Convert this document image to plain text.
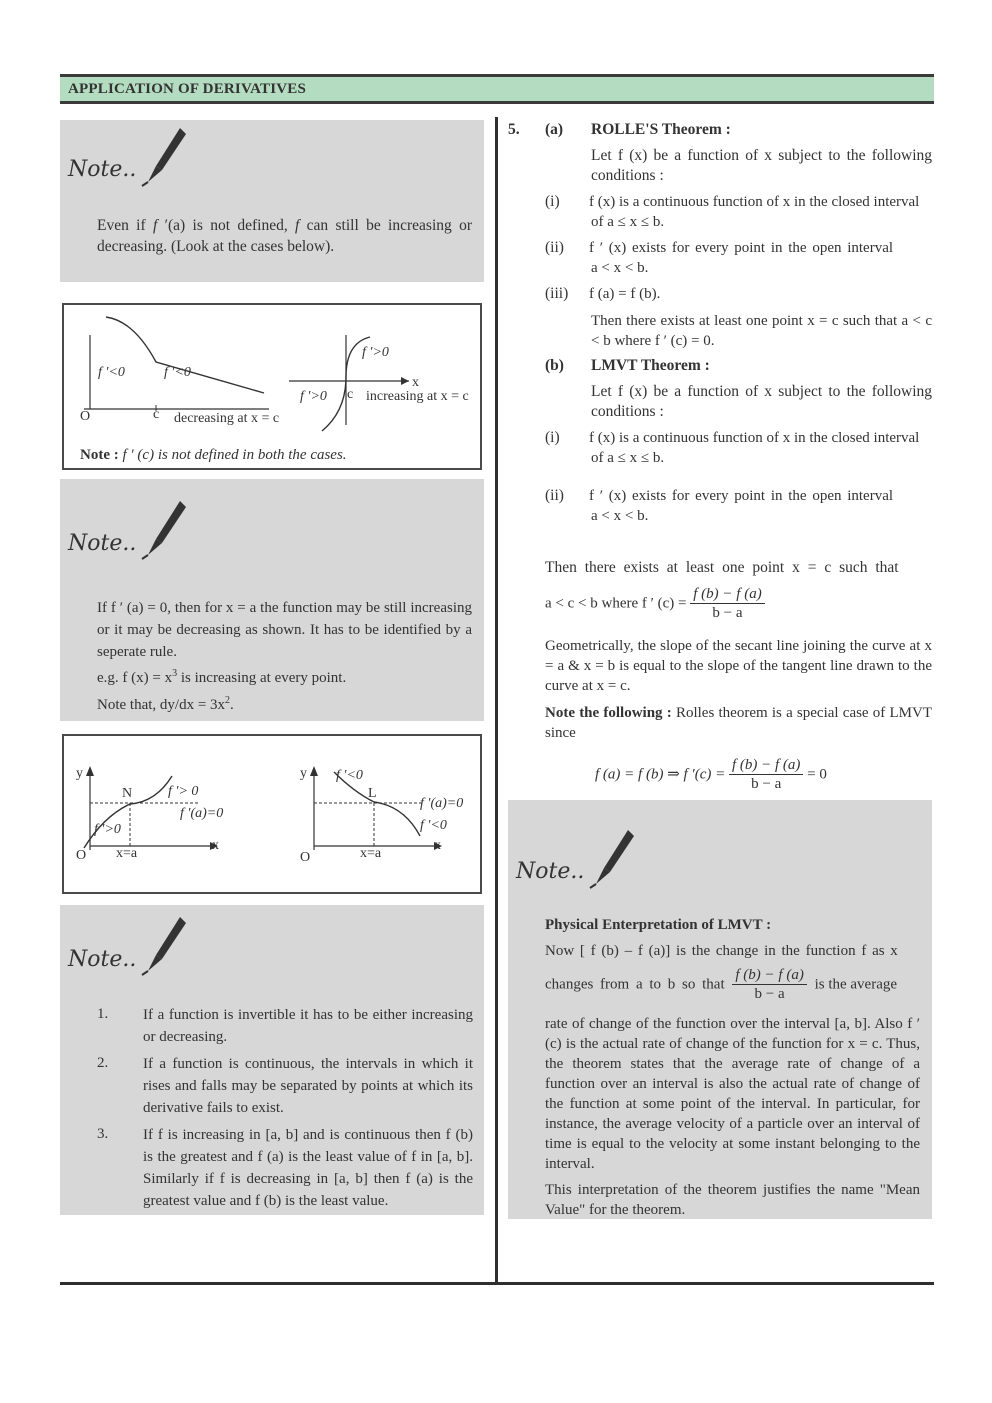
APPLICATION OF DERIVATIVES
Note..
Even if f ′(a) is not defined, f can still be increasing or decreasing. (Look at the cases below).
f ′<0	f ′<0
O	c decreasing at x = c
f ′>0
f ′>0 c
x
increasing at x = c
Note : f ′ (c) is not defined in both the cases.
Note..
If f ′ (a) = 0, then for x = a the function may be still increasing or it may be decreasing as shown. It has to be identified by a seperate rule.
e.g. f $(x) = x^3$ is increasing at every point.
Note that, $dy/dx = 3x^2$.
y
O
x
N	f ′> 0
f ′(a)=0
f ′>0
x=a
y
O
x
L
f ′<0
f ′(a)=0
f ′<0
x=a
Note..
1. If a function is invertible it has to be either increasing or decreasing.
2. If a function is continuous, the intervals in which it rises and falls may be separated by points at which its derivative fails to exist.
3. If f is increasing in [a, b] and is continuous then f (b) is the greatest and f (a) is the least value of f in [a, b]. Similarly if f is decreasing in [a, b] then f (a) is the greatest value and f (b) is the least value.
5. (a) ROLLE'S Theorem :
Let f (x) be a function of x subject to the following conditions :
(i) f (x) is a continuous function of x in the closed interval
of a ≤ x ≤ b.
(ii) f ′ (x) exists for every point in the open interval
a < x < b.
(iii) f (a) = f (b).
Then there exists at least one point x = c such that a < c < b where f ′ (c) = 0.
(b) LMVT Theorem :
Let f (x) be a function of x subject to the following conditions :
(i) f (x) is a continuous function of x in the closed interval
of a ≤ x ≤ b.
(ii) f ′ (x) exists for every point in the open interval
a < x < b.
Then there exists at least one point x = c such that
a < c < b where f ′ $(c) = \frac{f (b) - f (a)}{b - a}$
Geometrically, the slope of the secant line joining the curve at x = a & x = b is equal to the slope of the tangent line drawn to the curve at x = c.
Note the following : Rolles theorem is a special case of LMVT since
f (a) = f (b) ⇒ f $'(c) = \frac{f (b) - f (a)}{b - a} = 0$
Note..
Physical Enterpretation of LMVT :
Now [ f (b) – f (a)] is the change in the function f as x
changes from a to b so that $\frac{f (b) - f (a)}{b - a}$ is the average
rate of change of the function over the interval [a, b]. Also f ′ (c) is the actual rate of change of the function for x = c. Thus, the theorem states that the average rate of change of a function over an interval is also the actual rate of change of the function at some point of the interval. In particular, for instance, the average velocity of a particle over an interval of time is equal to the velocity at some instant belonging to the interval.
This interpretation of the theorem justifies the name "Mean Value" for the theorem.
